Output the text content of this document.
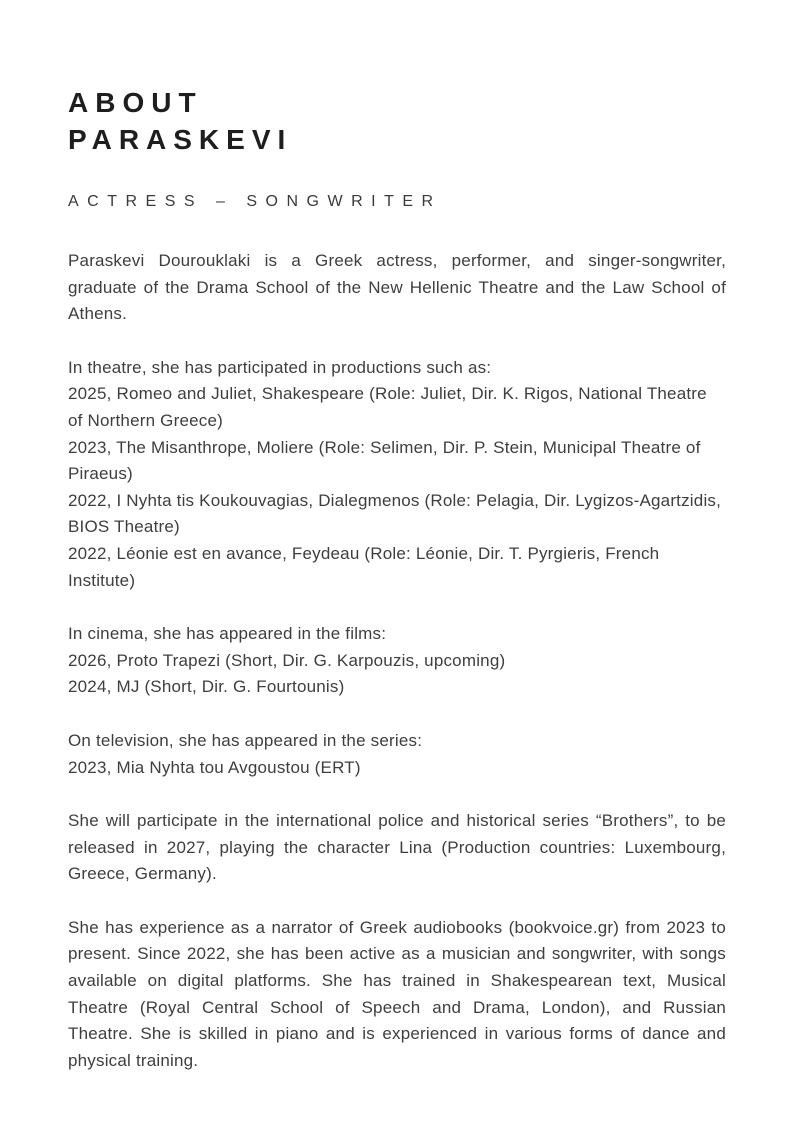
ABOUT
PARASKEVI
ACTRESS – SONGWRITER

Paraskevi Dourouklaki is a Greek actress, performer, and singer-songwriter, graduate of the Drama School of the New Hellenic Theatre and the Law School of Athens.

In theatre, she has participated in productions such as:
2025, Romeo and Juliet, Shakespeare (Role: Juliet, Dir. K. Rigos, National Theatre of Northern Greece)
2023, The Misanthrope, Moliere (Role: Selimen, Dir. P. Stein, Municipal Theatre of Piraeus)
2022, I Nyhta tis Koukouvagias, Dialegmenos (Role: Pelagia, Dir. Lygizos-Agartzidis, BIOS Theatre)
2022, Léonie est en avance, Feydeau (Role: Léonie, Dir. T. Pyrgieris, French Institute)
In cinema, she has appeared in the films:
2026, Proto Trapezi (Short, Dir. G. Karpouzis, upcoming)
2024, MJ (Short, Dir. G. Fourtounis)
On television, she has appeared in the series:
2023, Mia Nyhta tou Avgoustou (ERT)

She will participate in the international police and historical series “Brothers”, to be released in 2027, playing the character Lina (Production countries: Luxembourg, Greece, Germany).

She has experience as a narrator of Greek audiobooks (bookvoice.gr) from 2023 to present. Since 2022, she has been active as a musician and songwriter, with songs available on digital platforms. She has trained in Shakespearean text, Musical Theatre (Royal Central School of Speech and Drama, London), and Russian Theatre. She is skilled in piano and is experienced in various forms of dance and physical training.
